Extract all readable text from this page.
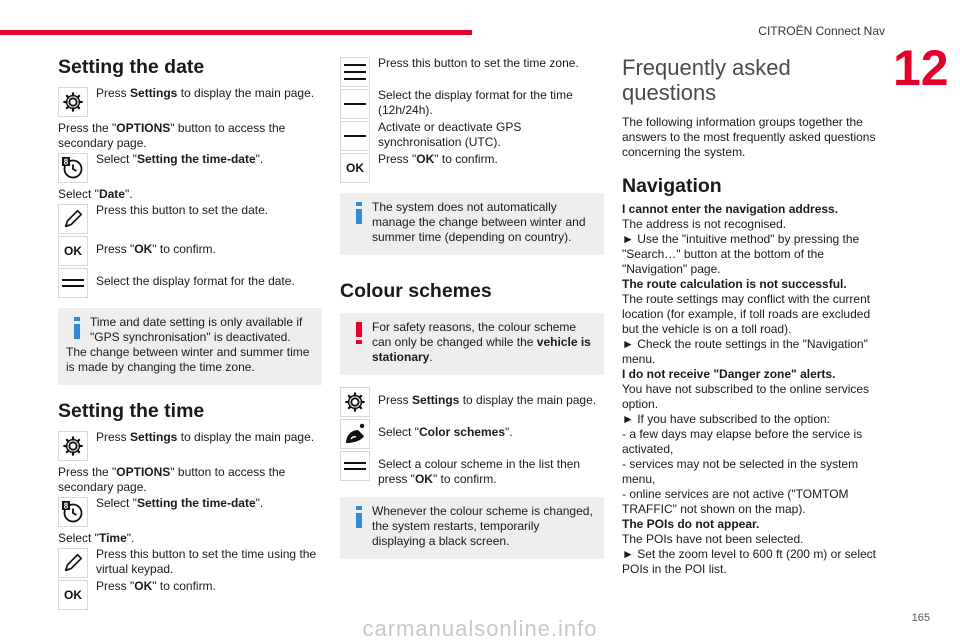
CITROËN Connect Nav
12
Setting the date
Press Settings to display the main page.

Press the "OPTIONS" button to access the secondary page.

8 Select "Setting the time-date".

Select "Date".

Press this button to set the date.
OK	Press "OK" to confirm.
Select the display format for the date.

Time and date setting is only available if "GPS synchronisation" is deactivated.

The change between winter and summer time is made by changing the time zone.

Setting the time
Press Settings to display the main page.

Press the "OPTIONS" button to access the secondary page.

8 Select "Setting the time-date".

Select "Time".

Press this button to set the time using the virtual keypad.
OK
Press "OK" to confirm.
Press this button to set the time zone.
Select the display format for the time (12h/24h).
Activate or deactivate GPS synchronisation (UTC).
OK
Press "OK" to confirm.

The system does not automatically manage the change between winter and summer time (depending on country).

Colour schemes

For safety reasons, the colour scheme can only be changed while the vehicle is stationary.

Press Settings to display the main page.
Select "Color schemes".
Select a colour scheme in the list then press "OK" to confirm.

Whenever the colour scheme is changed, the system restarts, temporarily displaying a black screen.

Frequently asked questions

The following information groups together the answers to the most frequently asked questions concerning the system.

Navigation

I cannot enter the navigation address.

The address is not recognised.

► Use the "intuitive method" by pressing the "Search…" button at the bottom of the "Navigation" page.

The route calculation is not successful.

The route settings may conflict with the current location (for example, if toll roads are excluded but the vehicle is on a toll road).

► Check the route settings in the "Navigation" menu.

I do not receive "Danger zone" alerts.

You have not subscribed to the online services option.

► If you have subscribed to the option:

- a few days may elapse before the service is activated,

- services may not be selected in the system menu,

- online services are not active ("TOMTOM TRAFFIC" not shown on the map).

The POIs do not appear.

The POIs have not been selected.

► Set the zoom level to 600 ft (200 m) or select POIs in the POI list.

165
carmanualsonline.info
